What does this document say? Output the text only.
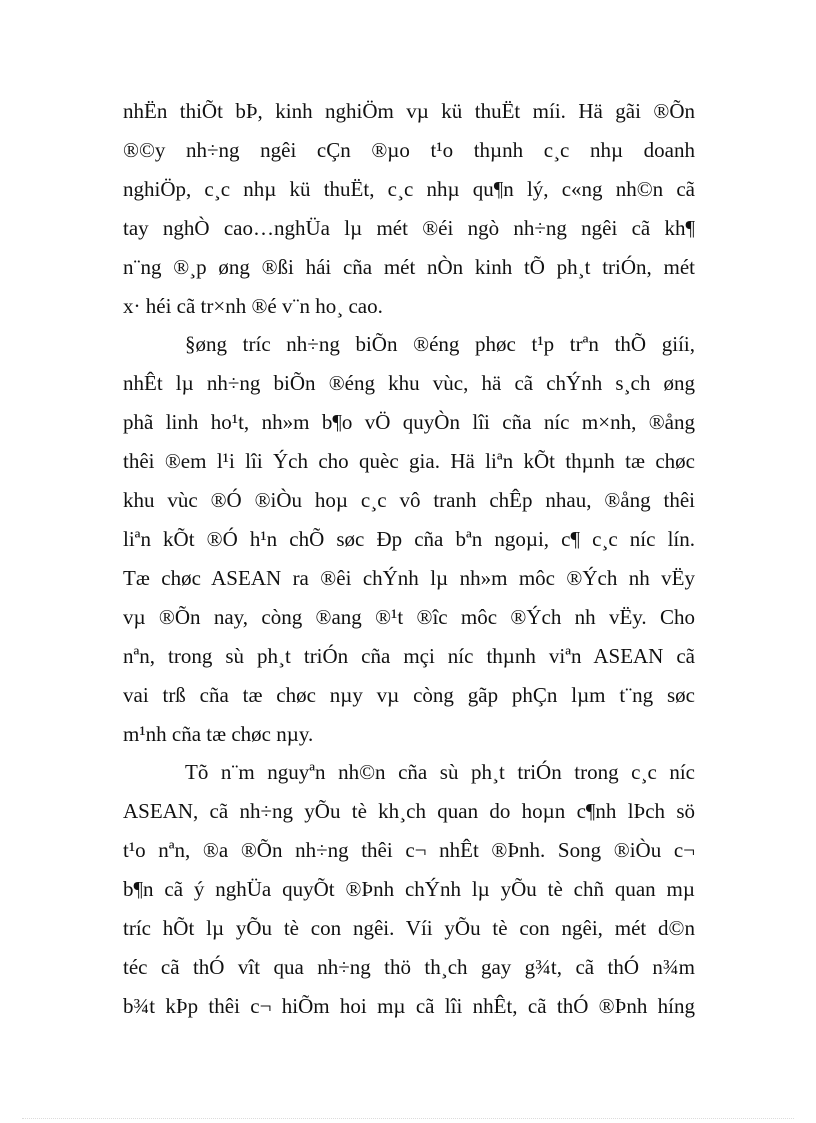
nhËn thiÕt bÞ, kinh nghiÖm vµ kü thuËt míi. Hä gãi ®Õn
®©y nh÷ng ngêi cÇn ®µo t¹o thµnh c¸c nhµ doanh
nghiÖp, c¸c nhµ kü thuËt, c¸c nhµ qu¶n lý, c«ng nh©n cã
tay nghÒ cao…nghÜa lµ mét ®éi ngò nh÷ng ngêi cã kh¶
n¨ng ®¸p øng ®ßi hái cña mét nÒn kinh tÕ ph¸t triÓn, mét
x· héi cã tr×nh ®é v¨n ho¸ cao.
§øng tríc nh÷ng biÕn ®éng phøc t¹p trªn thÕ giíi,
nhÊt lµ nh÷ng biÕn ®éng khu vùc, hä cã chÝnh s¸ch øng
phã linh ho¹t, nh»m b¶o vÖ quyÒn lîi cña níc m×nh, ®ång
thêi ®em l¹i lîi Ých cho quèc gia. Hä liªn kÕt thµnh tæ chøc
khu vùc ®Ó ®iÒu hoµ c¸c vô tranh chÊp nhau, ®ång thêi
liªn kÕt ®Ó h¹n chÕ søc Ðp cña bªn ngoµi, c¶ c¸c níc lín.
Tæ chøc ASEAN ra ®êi chÝnh lµ nh»m môc ®Ých nh vËy
vµ ®Õn nay, còng ®ang ®¹t ®îc môc ®Ých nh vËy. Cho
nªn, trong sù ph¸t triÓn cña mçi níc thµnh viªn ASEAN cã
vai trß cña tæ chøc nµy vµ còng gãp phÇn lµm t¨ng søc
m¹nh cña tæ chøc nµy.
Tõ n¨m nguyªn nh©n cña sù ph¸t triÓn trong c¸c níc
ASEAN, cã nh÷ng yÕu tè kh¸ch quan do hoµn c¶nh lÞch sö
t¹o nªn, ®a ®Õn nh÷ng thêi c¬ nhÊt ®Þnh. Song ®iÒu c¬
b¶n cã ý nghÜa quyÕt ®Þnh chÝnh lµ yÕu tè chñ quan mµ
tríc hÕt lµ yÕu tè con ngêi. Víi yÕu tè con ngêi, mét d©n
téc cã thÓ vît qua nh÷ng thö th¸ch gay g¾t, cã thÓ n¾m
b¾t kÞp thêi c¬ hiÕm hoi mµ cã lîi nhÊt, cã thÓ ®Þnh híng
